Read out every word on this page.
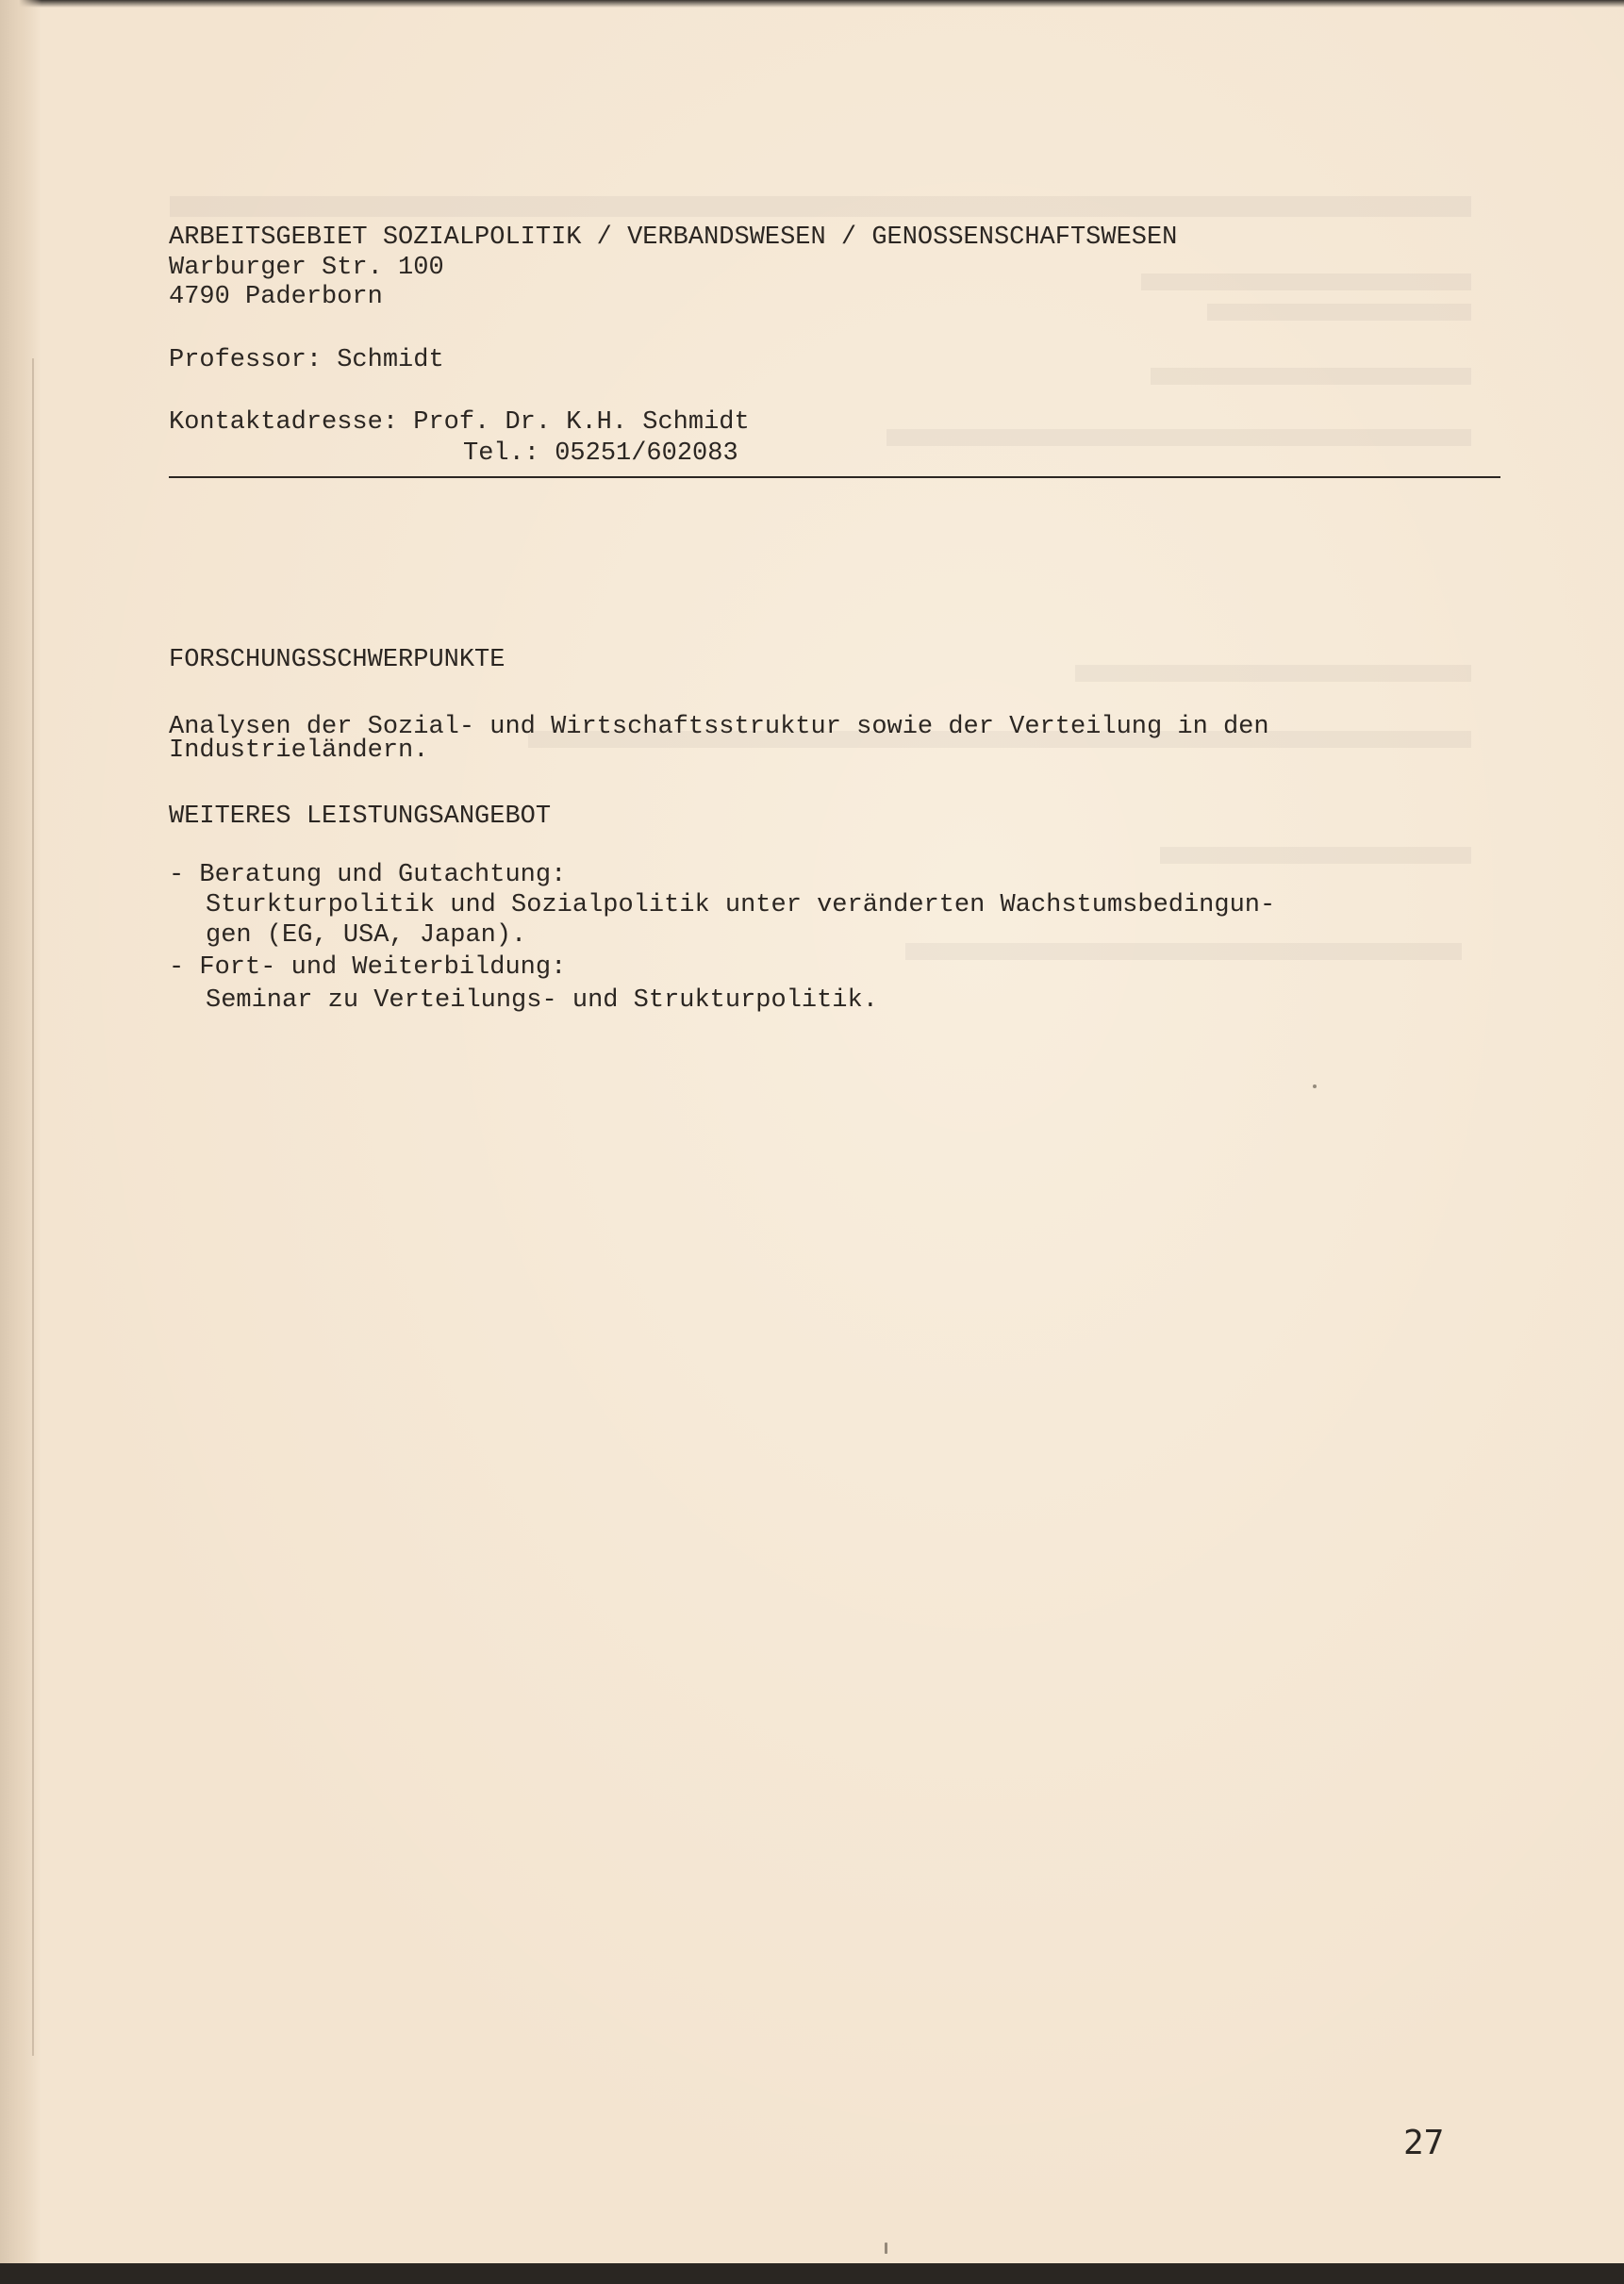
ARBEITSGEBIET SOZIALPOLITIK / VERBANDSWESEN / GENOSSENSCHAFTSWESEN
Warburger Str. 100
4790 Paderborn
Professor: Schmidt
Kontaktadresse: Prof. Dr. K.H. Schmidt
Tel.: 05251/602083
FORSCHUNGSSCHWERPUNKTE
Analysen der Sozial- und Wirtschaftsstruktur sowie der Verteilung in den
Industrieländern.
WEITERES LEISTUNGSANGEBOT
- Beratung und Gutachtung:
Sturkturpolitik und Sozialpolitik unter veränderten Wachstumsbedingun-
gen (EG, USA, Japan).
- Fort- und Weiterbildung:
Seminar zu Verteilungs- und Strukturpolitik.
27
